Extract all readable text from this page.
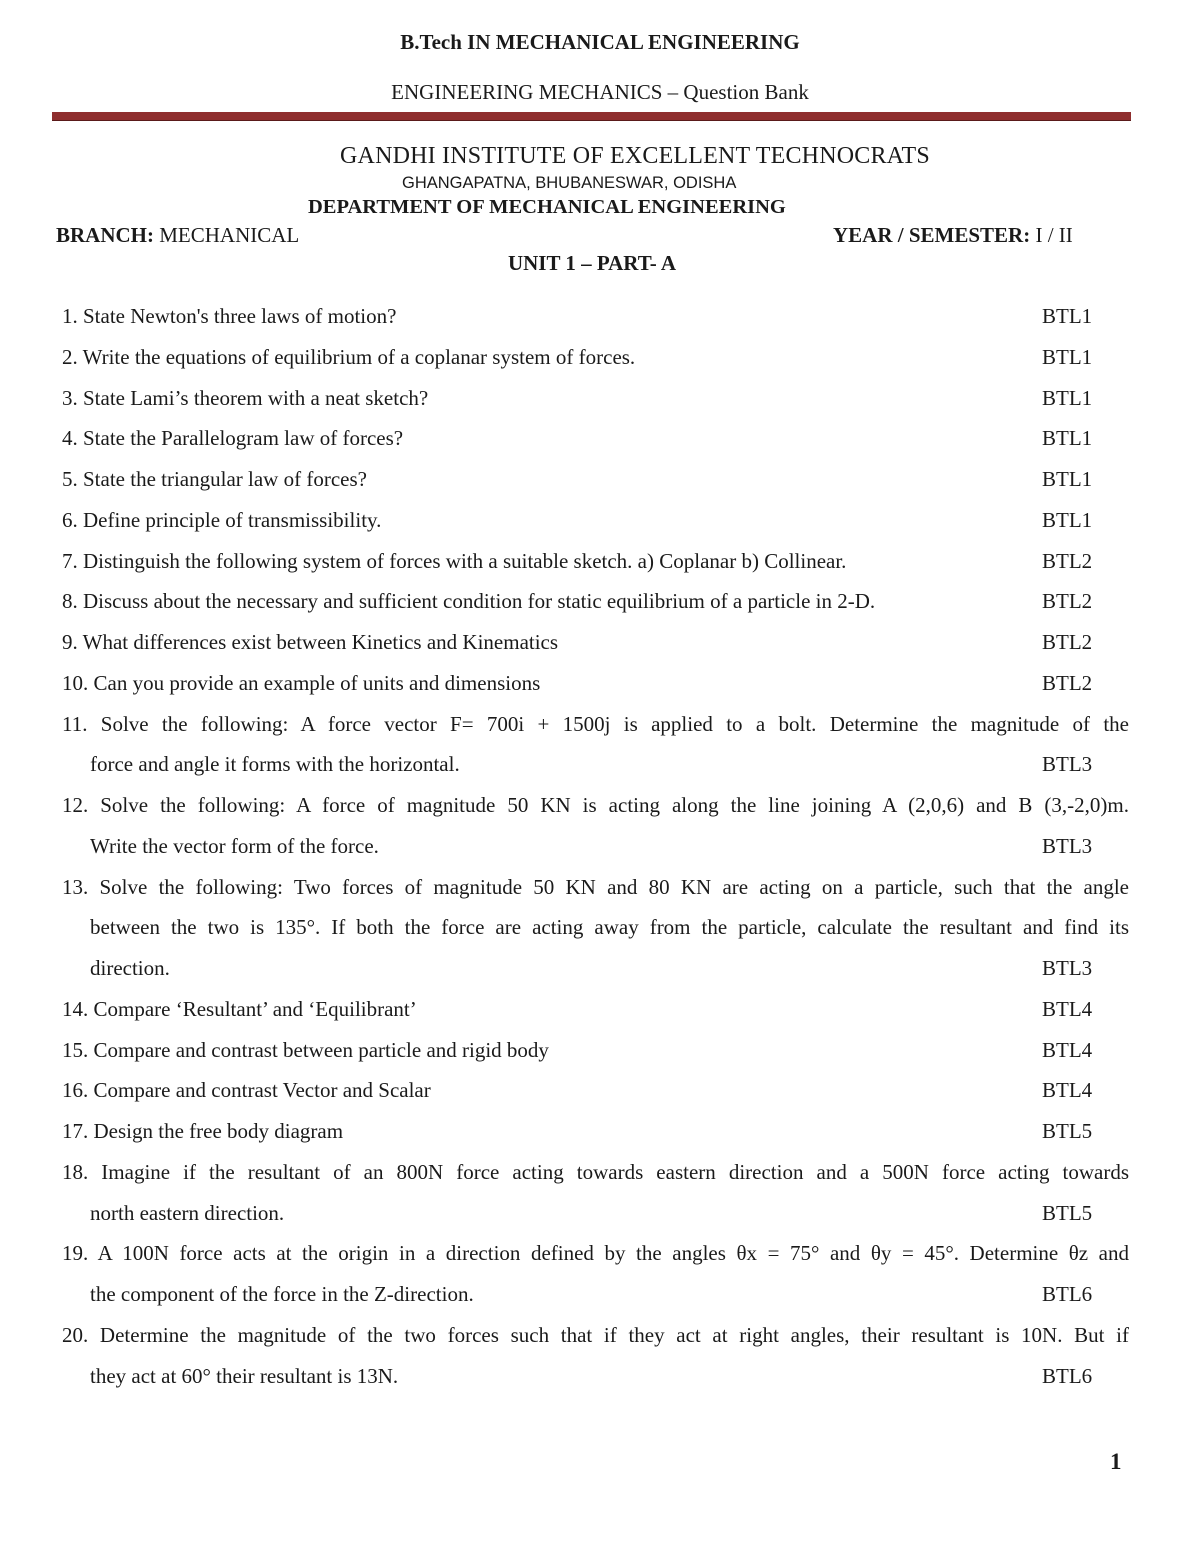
B.Tech IN MECHANICAL ENGINEERING
ENGINEERING MECHANICS – Question Bank
GANDHI INSTITUTE OF EXCELLENT TECHNOCRATS
GHANGAPATNA, BHUBANESWAR, ODISHA
DEPARTMENT OF MECHANICAL ENGINEERING
BRANCH: MECHANICAL	YEAR / SEMESTER: I / II
UNIT 1 – PART- A
1. State Newton's three laws of motion?	BTL1
2. Write the equations of equilibrium of a coplanar system of forces.	BTL1
3. State Lami’s theorem with a neat sketch?	BTL1
4. State the Parallelogram law of forces?	BTL1
5. State the triangular law of forces?	BTL1
6. Define principle of transmissibility.	BTL1
7. Distinguish the following system of forces with a suitable sketch. a) Coplanar b) Collinear.	BTL2
8. Discuss about the necessary and sufficient condition for static equilibrium of a particle in 2-D.	BTL2
9. What differences exist between Kinetics and Kinematics	BTL2
10. Can you provide an example of units and dimensions	BTL2
11. Solve the following: A force vector F= 700i + 1500j is applied to a bolt. Determine the magnitude of the
force and angle it forms with the horizontal.	BTL3
12. Solve the following: A force of magnitude 50 KN is acting along the line joining A (2,0,6) and B (3,-2,0)m.
Write the vector form of the force.	BTL3
13. Solve the following: Two forces of magnitude 50 KN and 80 KN are acting on a particle, such that the angle
between the two is 135°. If both the force are acting away from the particle, calculate the resultant and find its
direction.	BTL3
14. Compare ‘Resultant’ and ‘Equilibrant’	BTL4
15. Compare and contrast between particle and rigid body	BTL4
16. Compare and contrast Vector and Scalar	BTL4
17. Design the free body diagram	BTL5
18. Imagine if the resultant of an 800N force acting towards eastern direction and a 500N force acting towards
north eastern direction.	BTL5
19. A 100N force acts at the origin in a direction defined by the angles θx = 75° and θy = 45°. Determine θz and
the component of the force in the Z-direction.	BTL6
20. Determine the magnitude of the two forces such that if they act at right angles, their resultant is 10N. But if
they act at 60° their resultant is 13N.	BTL6
1
